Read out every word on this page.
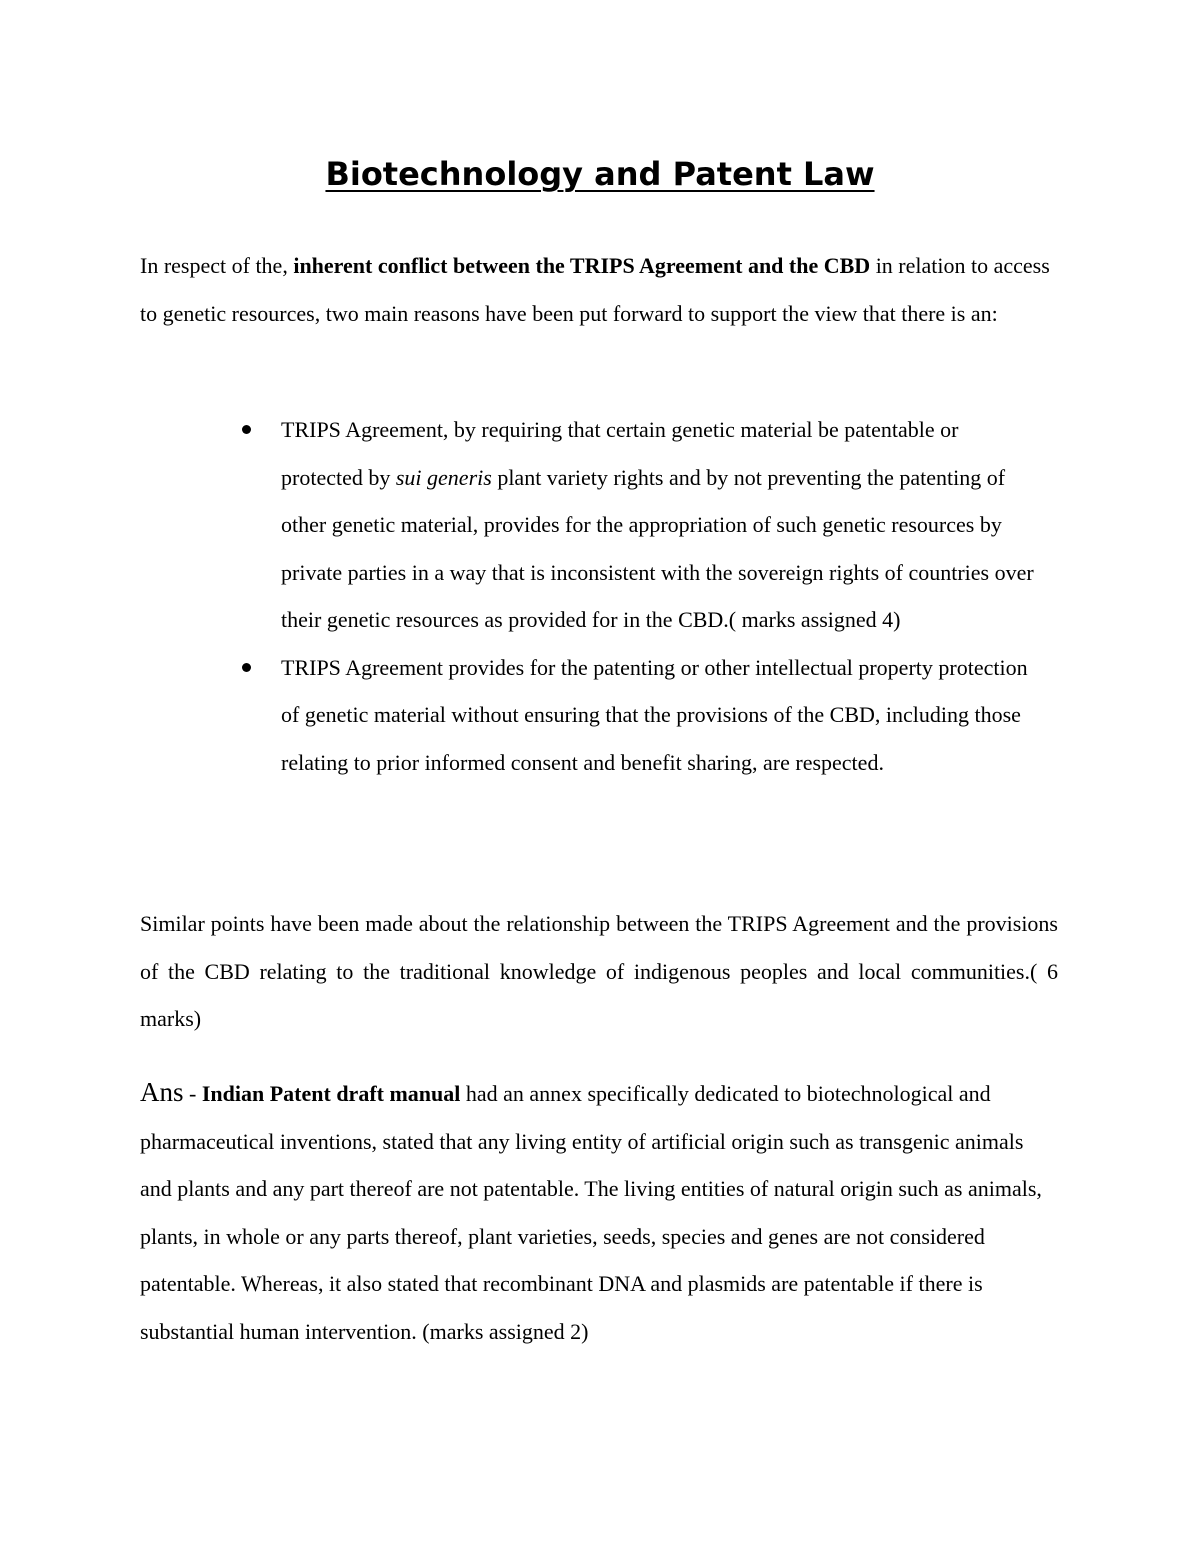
Biotechnology and Patent Law

In respect of the, inherent conflict between the TRIPS Agreement and the CBD in relation to access to genetic resources, two main reasons have been put forward to support the view that there is an:

TRIPS Agreement, by requiring that certain genetic material be patentable or protected by sui generis plant variety rights and by not preventing the patenting of other genetic material, provides for the appropriation of such genetic resources by private parties in a way that is inconsistent with the sovereign rights of countries over their genetic resources as provided for in the CBD.( marks assigned 4)
TRIPS Agreement provides for the patenting or other intellectual property protection of genetic material without ensuring that the provisions of the CBD, including those relating to prior informed consent and benefit sharing, are respected.

Similar points have been made about the relationship between the TRIPS Agreement and the provisions of the CBD relating to the traditional knowledge of indigenous peoples and local communities.( 6 marks)

Ans - Indian Patent draft manual had an annex specifically dedicated to biotechnological and pharmaceutical inventions, stated that any living entity of artificial origin such as transgenic animals and plants and any part thereof are not patentable. The living entities of natural origin such as animals, plants, in whole or any parts thereof, plant varieties, seeds, species and genes are not considered patentable. Whereas, it also stated that recombinant DNA and plasmids are patentable if there is substantial human intervention. (marks assigned 2)
